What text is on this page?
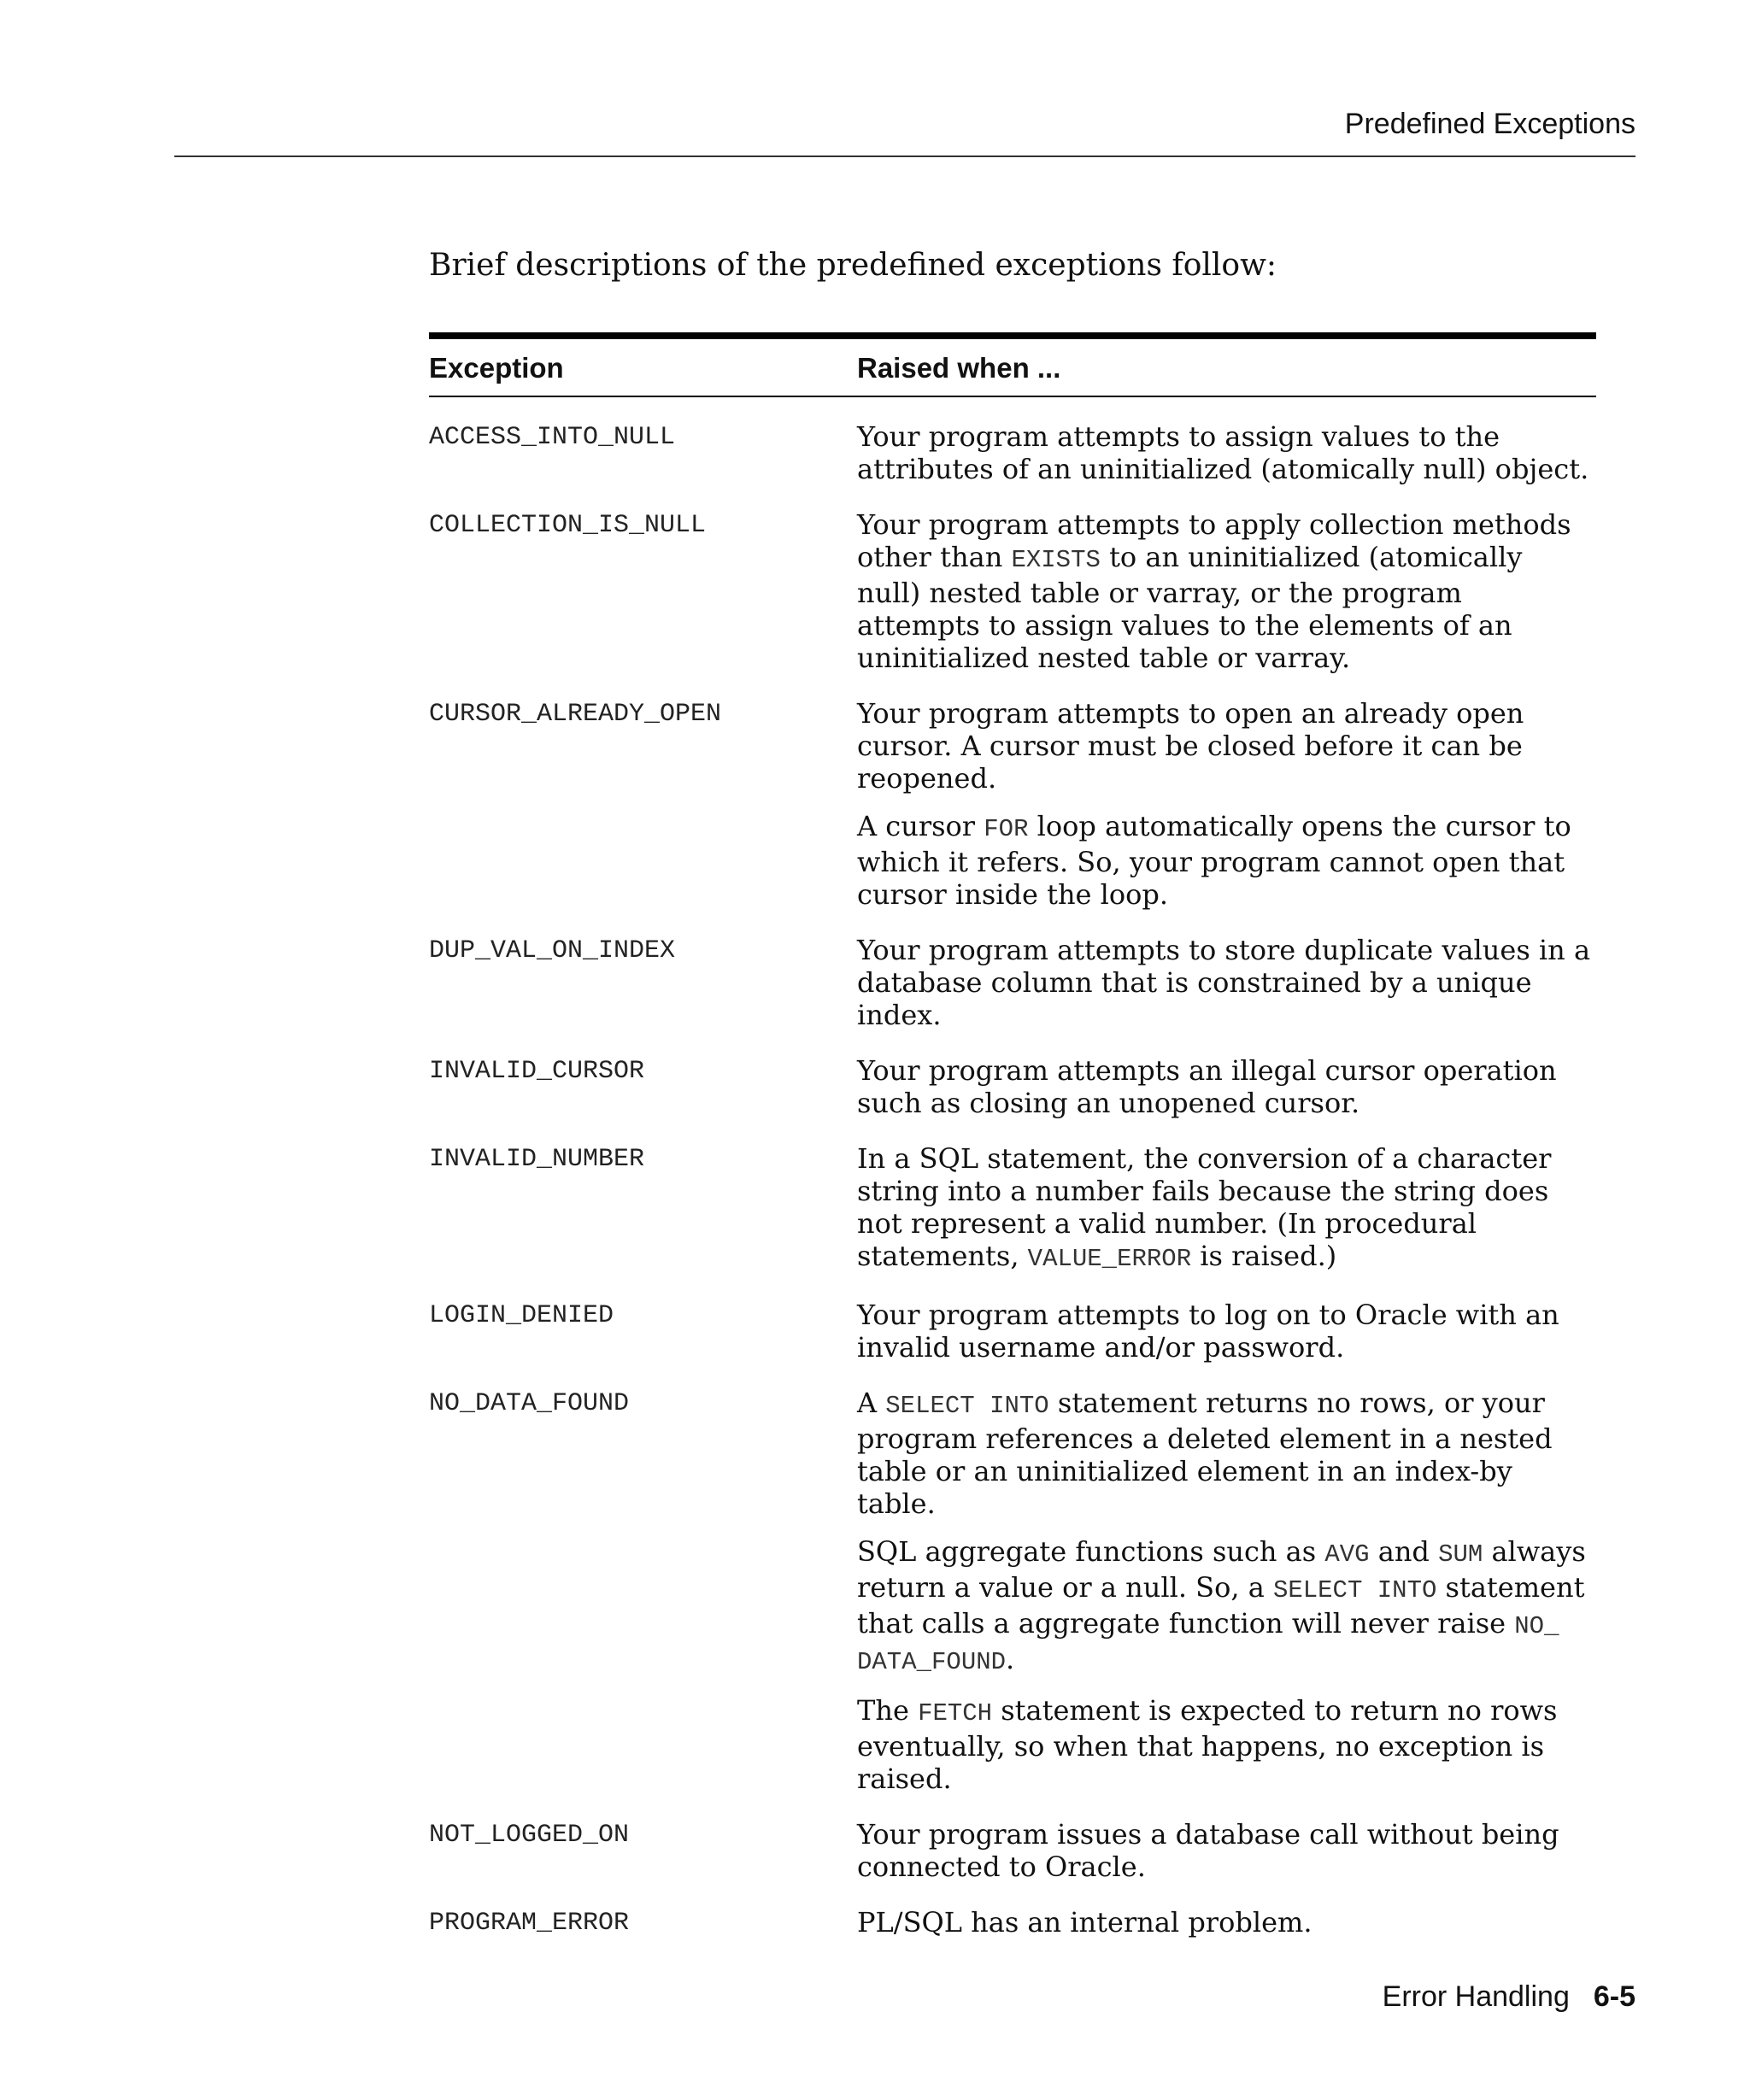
Predefined Exceptions
Brief descriptions of the predefined exceptions follow:
Exception	Raised when ...
ACCESS_INTO_NULL	Your program attempts to assign values to the attributes of an uninitialized (atomically null) object.

COLLECTION_IS_NULL	Your program attempts to apply collection methods other than EXISTS to an uninitialized (atomically null) nested table or varray, or the program attempts to assign values to the elements of an uninitialized nested table or varray.

CURSOR_ALREADY_OPEN	Your program attempts to open an already open cursor. A cursor must be closed before it can be reopened.

A cursor FOR loop automatically opens the cursor to which it refers. So, your program cannot open that cursor inside the loop.

DUP_VAL_ON_INDEX	Your program attempts to store duplicate values in a database column that is constrained by a unique index.

INVALID_CURSOR	Your program attempts an illegal cursor operation such as closing an unopened cursor.

INVALID_NUMBER	In a SQL statement, the conversion of a character string into a number fails because the string does not represent a valid number. (In procedural statements, VALUE_ERROR is raised.)

LOGIN_DENIED	Your program attempts to log on to Oracle with an invalid username and/or password.

NO_DATA_FOUND	A SELECT INTO statement returns no rows, or your program references a deleted element in a nested table or an uninitialized element in an index-by table.

SQL aggregate functions such as AVG and SUM always return a value or a null. So, a SELECT INTO statement that calls a aggregate function will never raise NO_ DATA_FOUND.

The FETCH statement is expected to return no rows eventually, so when that happens, no exception is raised.

NOT_LOGGED_ON	Your program issues a database call without being connected to Oracle.

PROGRAM_ERROR	PL/SQL has an internal problem.

Error Handling 6-5
